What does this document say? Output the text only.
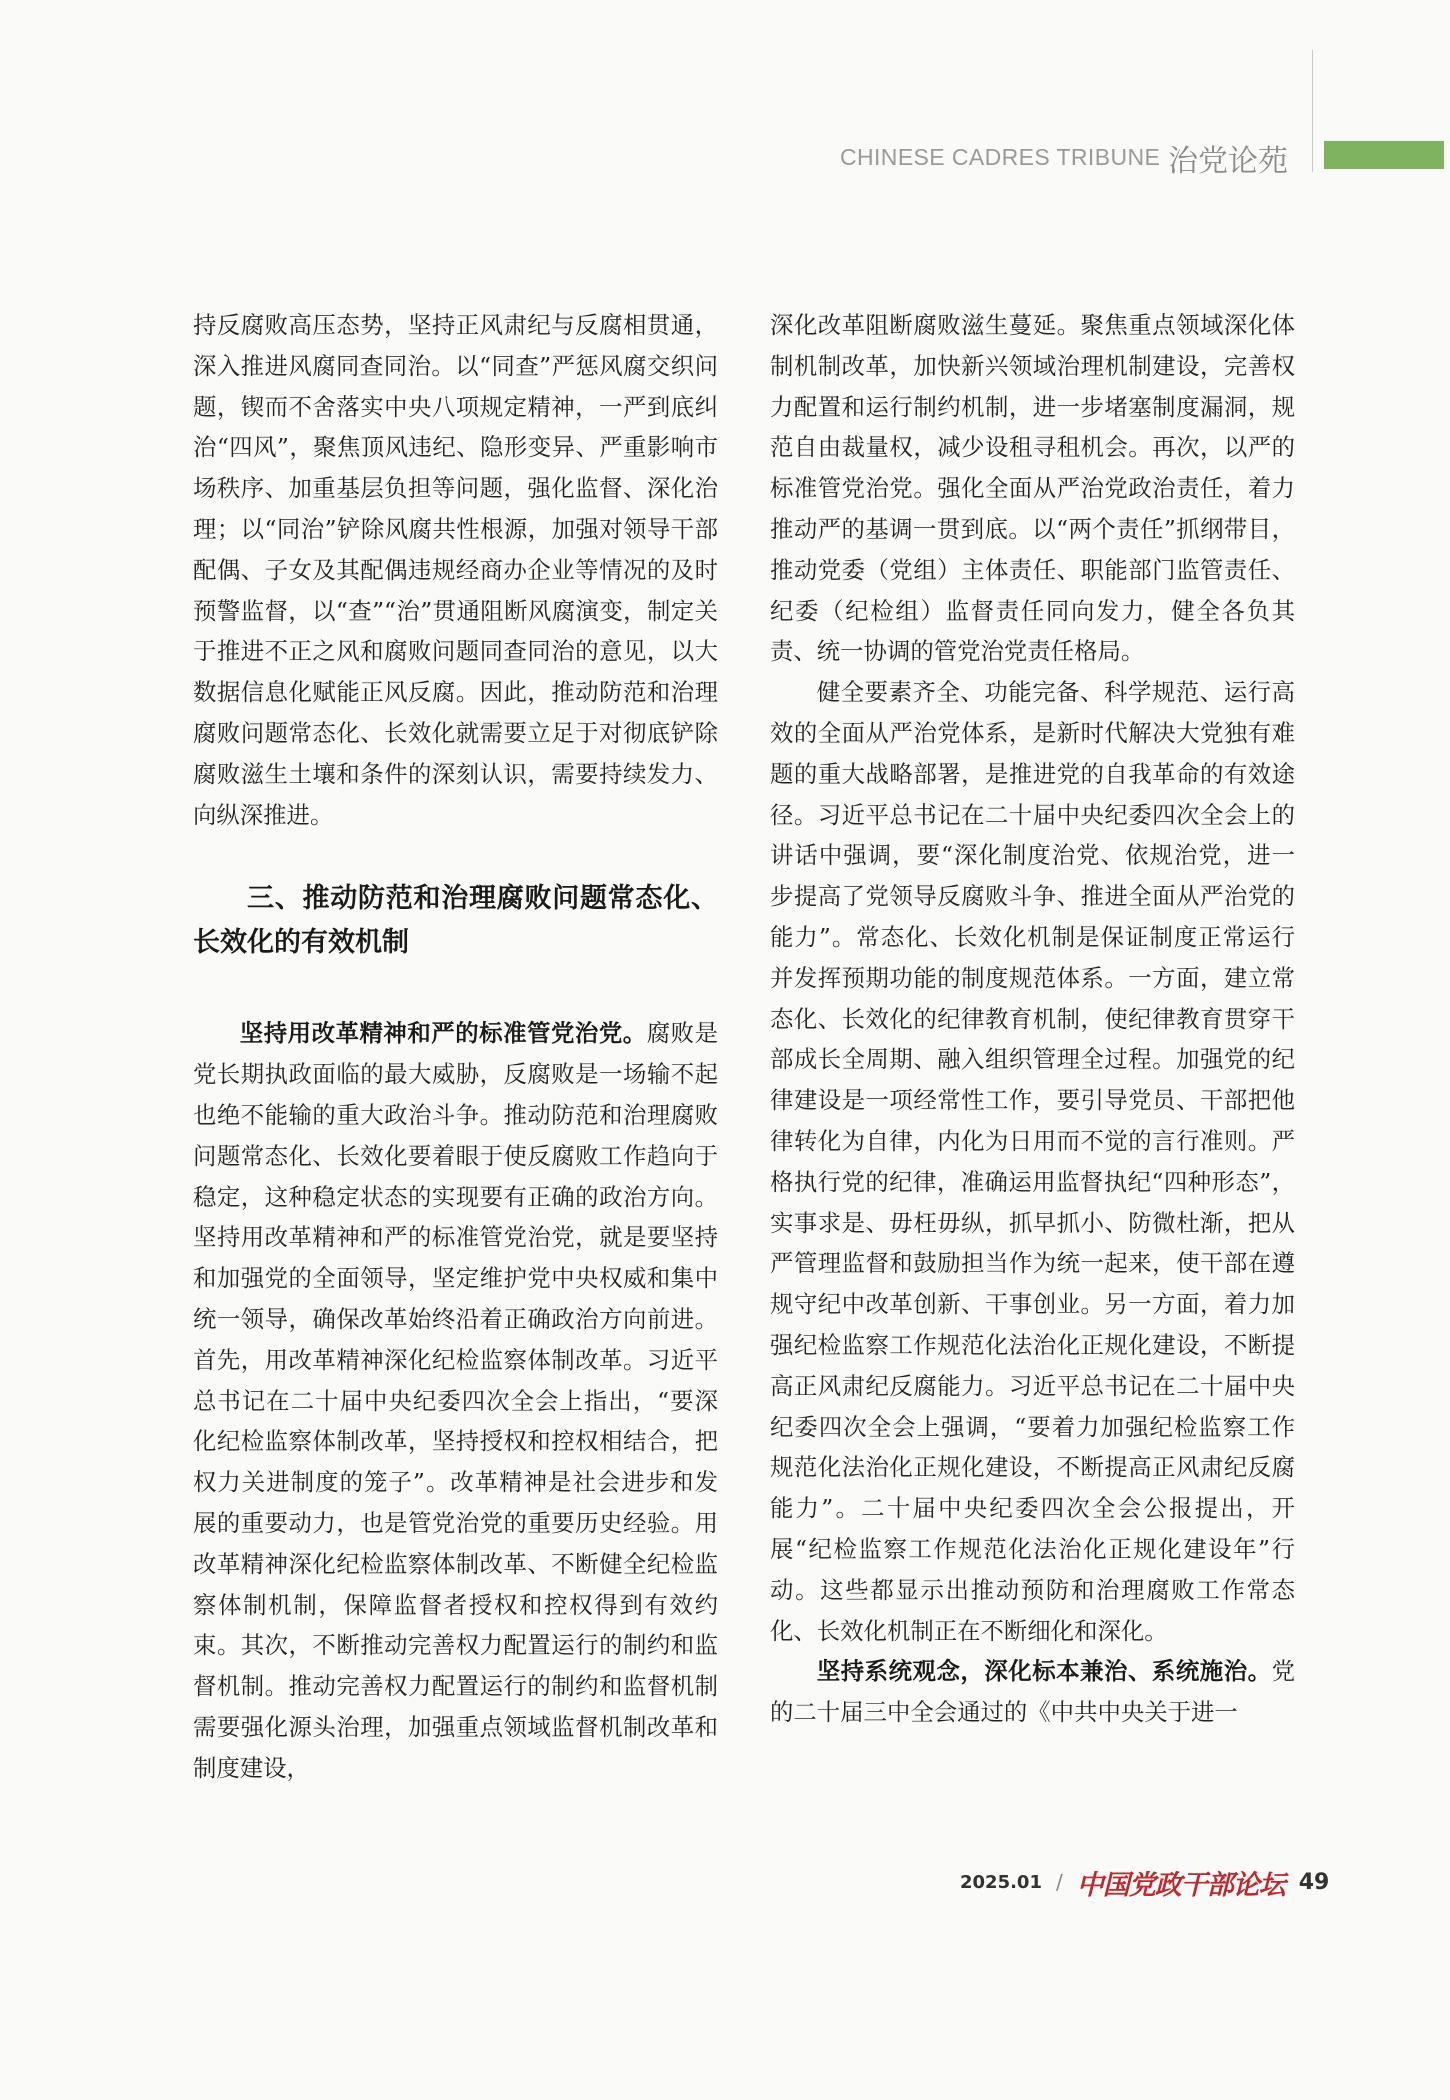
CHINESE CADRES TRIBUNE 治党论苑

持反腐败高压态势，坚持正风肃纪与反腐相贯通，深入推进风腐同查同治。以“同查”严惩风腐交织问题，锲而不舍落实中央八项规定精神，一严到底纠治“四风”，聚焦顶风违纪、隐形变异、严重影响市场秩序、加重基层负担等问题，强化监督、深化治理；以“同治”铲除风腐共性根源，加强对领导干部配偶、子女及其配偶违规经商办企业等情况的及时预警监督，以“查”“治”贯通阻断风腐演变，制定关于推进不正之风和腐败问题同查同治的意见，以大数据信息化赋能正风反腐。因此，推动防范和治理腐败问题常态化、长效化就需要立足于对彻底铲除腐败滋生土壤和条件的深刻认识，需要持续发力、向纵深推进。

三、推动防范和治理腐败问题常态化、长效化的有效机制

坚持用改革精神和严的标准管党治党。腐败是党长期执政面临的最大威胁，反腐败是一场输不起也绝不能输的重大政治斗争。推动防范和治理腐败问题常态化、长效化要着眼于使反腐败工作趋向于稳定，这种稳定状态的实现要有正确的政治方向。坚持用改革精神和严的标准管党治党，就是要坚持和加强党的全面领导，坚定维护党中央权威和集中统一领导，确保改革始终沿着正确政治方向前进。首先，用改革精神深化纪检监察体制改革。习近平总书记在二十届中央纪委四次全会上指出，“要深化纪检监察体制改革，坚持授权和控权相结合，把权力关进制度的笼子”。改革精神是社会进步和发展的重要动力，也是管党治党的重要历史经验。用改革精神深化纪检监察体制改革、不断健全纪检监察体制机制，保障监督者授权和控权得到有效约束。其次，不断推动完善权力配置运行的制约和监督机制。推动完善权力配置运行的制约和监督机制需要强化源头治理，加强重点领域监督机制改革和制度建设，

深化改革阻断腐败滋生蔓延。聚焦重点领域深化体制机制改革，加快新兴领域治理机制建设，完善权力配置和运行制约机制，进一步堵塞制度漏洞，规范自由裁量权，减少设租寻租机会。再次，以严的标准管党治党。强化全面从严治党政治责任，着力推动严的基调一贯到底。以“两个责任”抓纲带目，推动党委（党组）主体责任、职能部门监管责任、纪委（纪检组）监督责任同向发力，健全各负其责、统一协调的管党治党责任格局。

健全要素齐全、功能完备、科学规范、运行高效的全面从严治党体系，是新时代解决大党独有难题的重大战略部署，是推进党的自我革命的有效途径。习近平总书记在二十届中央纪委四次全会上的讲话中强调，要“深化制度治党、依规治党，进一步提高了党领导反腐败斗争、推进全面从严治党的能力”。常态化、长效化机制是保证制度正常运行并发挥预期功能的制度规范体系。一方面，建立常态化、长效化的纪律教育机制，使纪律教育贯穿干部成长全周期、融入组织管理全过程。加强党的纪律建设是一项经常性工作，要引导党员、干部把他律转化为自律，内化为日用而不觉的言行准则。严格执行党的纪律，准确运用监督执纪“四种形态”，实事求是、毋枉毋纵，抓早抓小、防微杜渐，把从严管理监督和鼓励担当作为统一起来，使干部在遵规守纪中改革创新、干事创业。另一方面，着力加强纪检监察工作规范化法治化正规化建设，不断提高正风肃纪反腐能力。习近平总书记在二十届中央纪委四次全会上强调，“要着力加强纪检监察工作规范化法治化正规化建设，不断提高正风肃纪反腐能力”。二十届中央纪委四次全会公报提出，开展“纪检监察工作规范化法治化正规化建设年”行动。这些都显示出推动预防和治理腐败工作常态化、长效化机制正在不断细化和深化。

坚持系统观念，深化标本兼治、系统施治。党的二十届三中全会通过的《中共中央关于进一

2025.01 / 中国党政干部论坛 49
